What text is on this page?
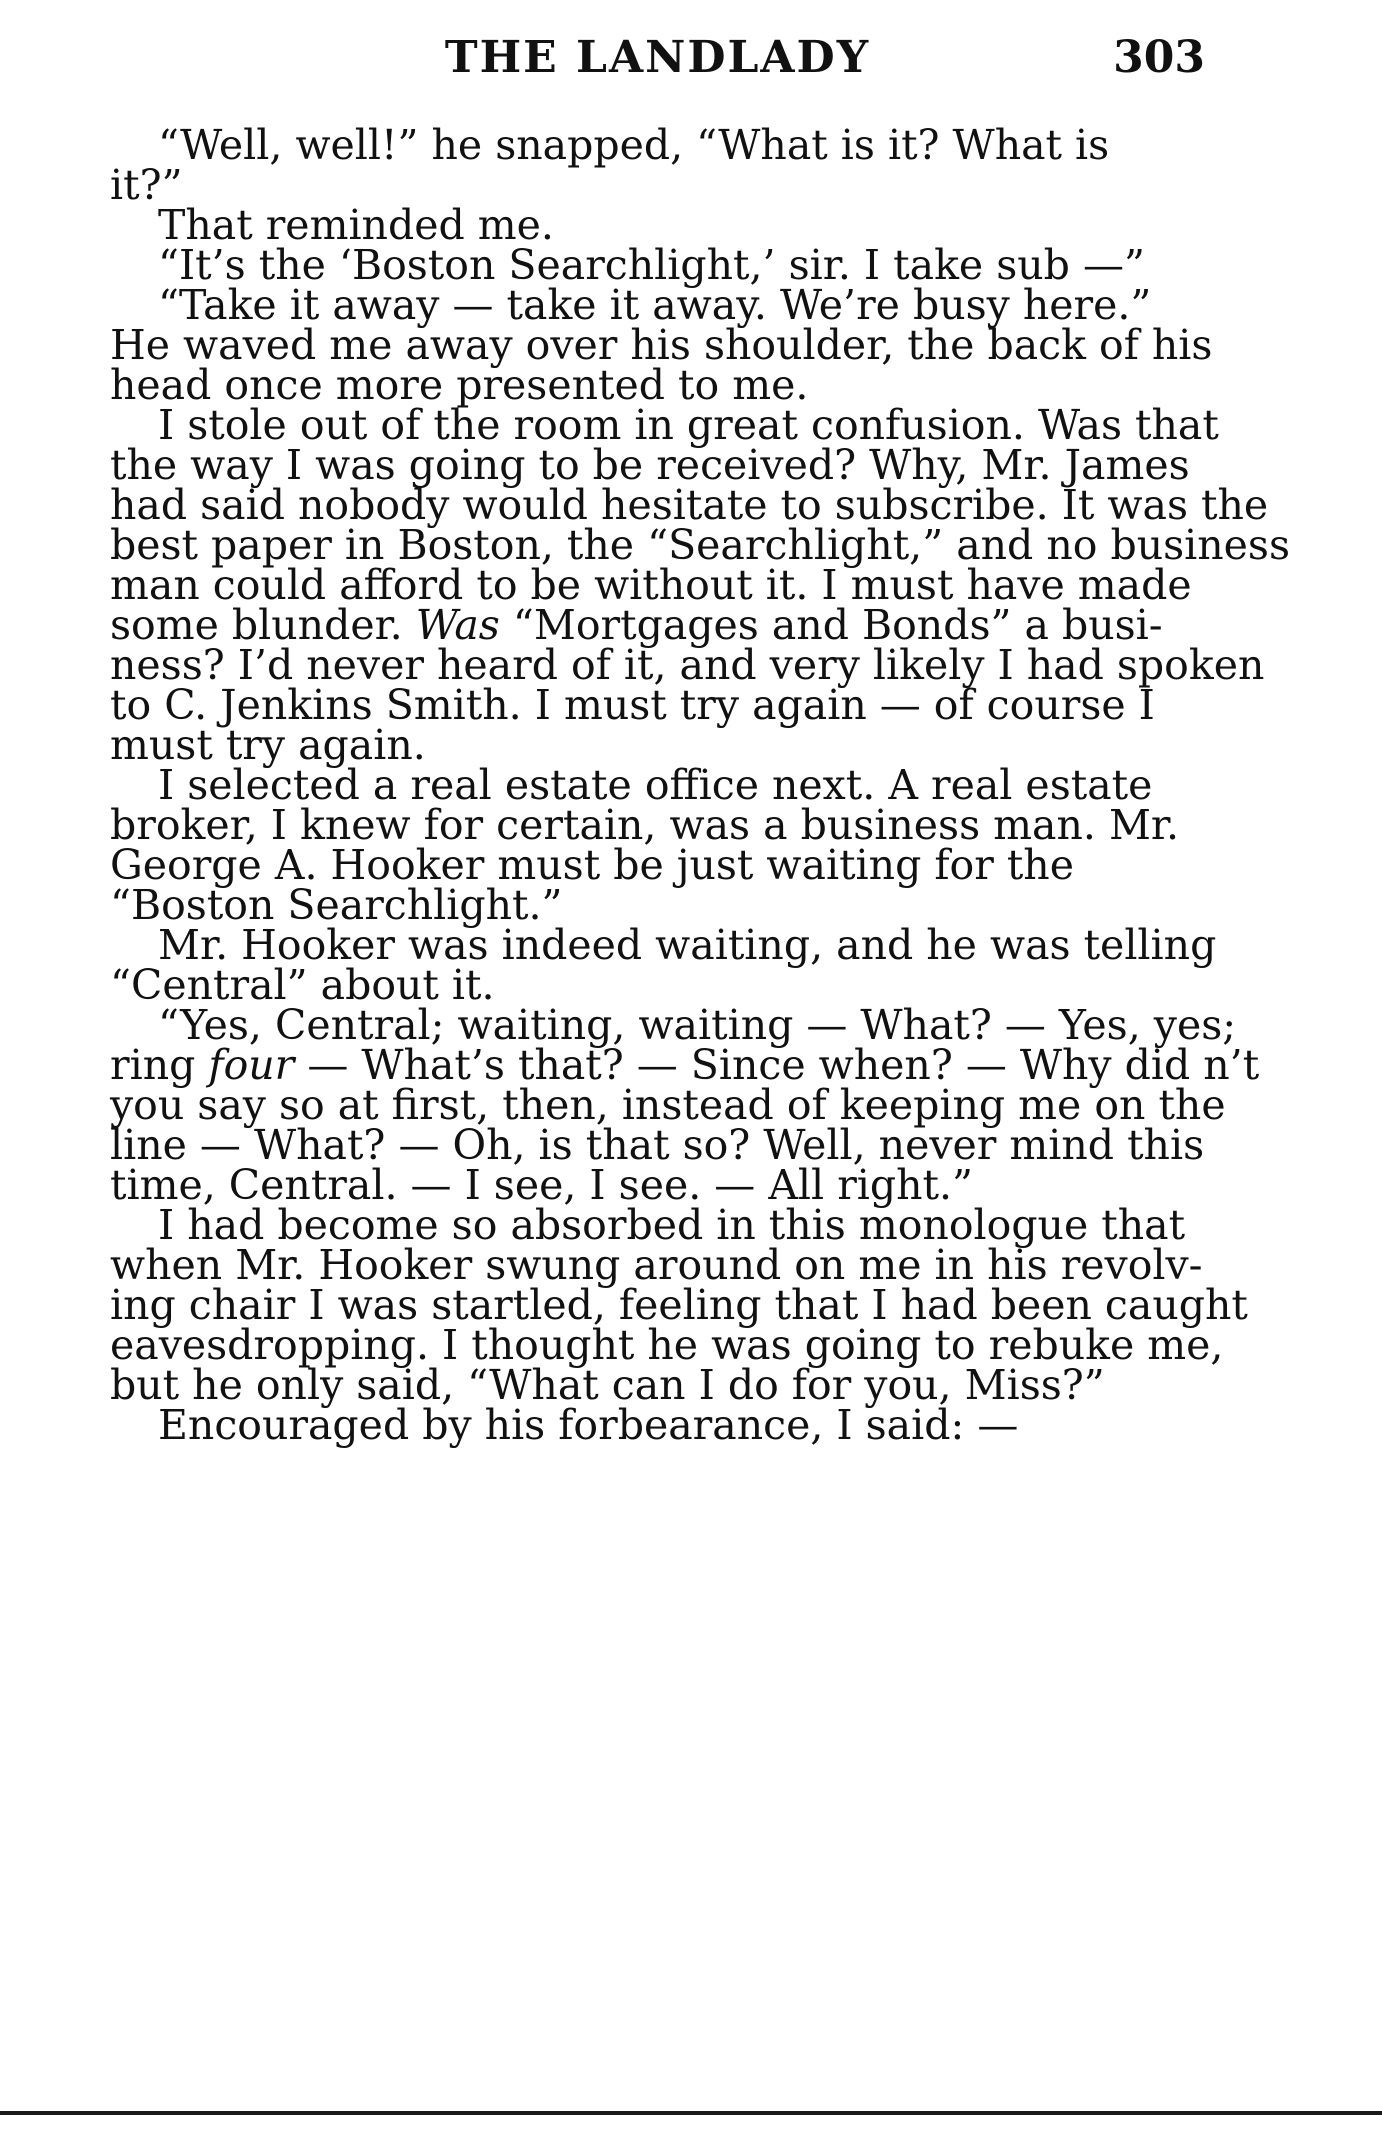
THE LANDLADY	303
“Well, well!” he snapped, “What is it? What is
it?”
That reminded me.
“It’s the ‘Boston Searchlight,’ sir. I take sub —”
“Take it away — take it away. We’re busy here.”
He waved me away over his shoulder, the back of his
head once more presented to me.
I stole out of the room in great confusion. Was that
the way I was going to be received? Why, Mr. James
had said nobody would hesitate to subscribe. It was the
best paper in Boston, the “Searchlight,” and no business
man could afford to be without it. I must have made
some blunder. Was “Mortgages and Bonds” a busi-
ness? I’d never heard of it, and very likely I had spoken
to C. Jenkins Smith. I must try again — of course I
must try again.
I selected a real estate office next. A real estate
broker, I knew for certain, was a business man. Mr.
George A. Hooker must be just waiting for the
“Boston Searchlight.”
Mr. Hooker was indeed waiting, and he was telling
“Central” about it.
“Yes, Central; waiting, waiting — What? — Yes, yes;
ring four — What’s that? — Since when? — Why did n’t
you say so at first, then, instead of keeping me on the
line — What? — Oh, is that so? Well, never mind this
time, Central. — I see, I see. — All right.”
I had become so absorbed in this monologue that
when Mr. Hooker swung around on me in his revolv-
ing chair I was startled, feeling that I had been caught
eavesdropping. I thought he was going to rebuke me,
but he only said, “What can I do for you, Miss?”
Encouraged by his forbearance, I said: —
